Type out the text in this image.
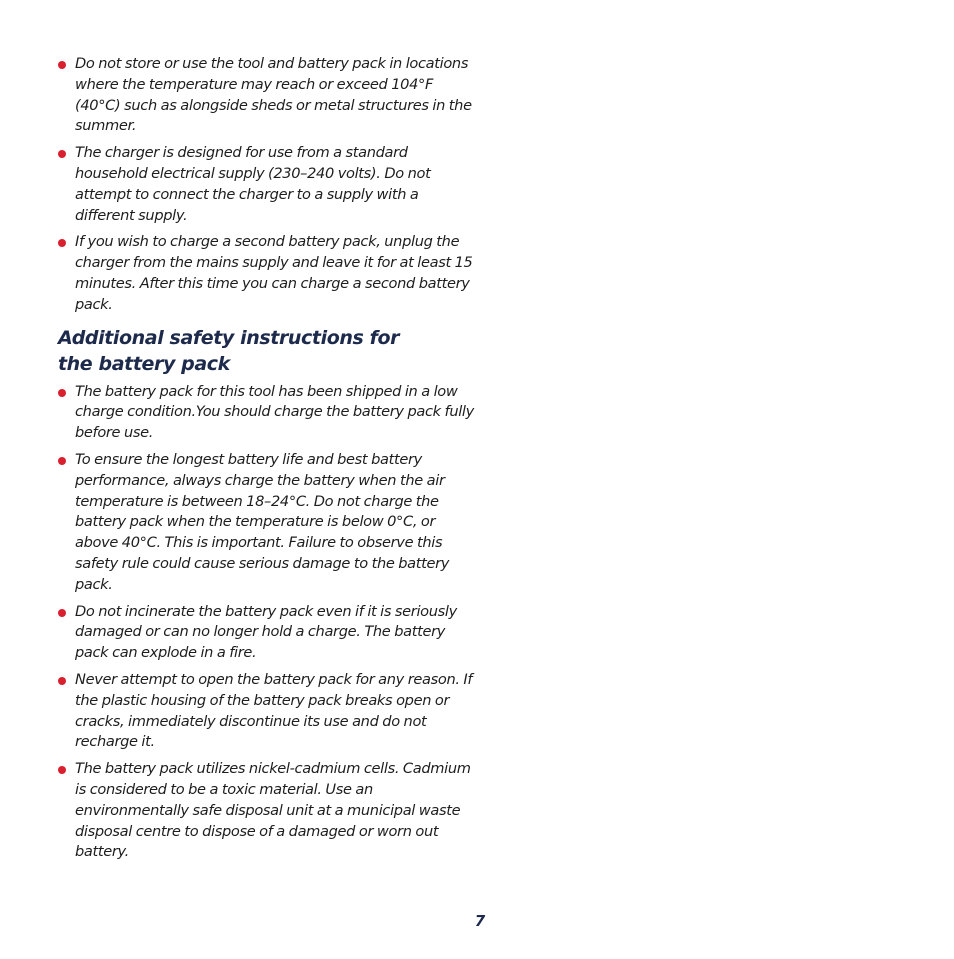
Do not store or use the tool and battery pack in locations where the temperature may reach or exceed 104°F (40°C) such as alongside sheds or metal structures in the summer.
The charger is designed for use from a standard household electrical supply (230–240 volts). Do not attempt to connect the charger to a supply with a different supply.
If you wish to charge a second battery pack, unplug the charger from the mains supply and leave it for at least 15 minutes. After this time you can charge a second battery pack.
Additional safety instructions for the battery pack
The battery pack for this tool has been shipped in a low charge condition.You should charge the battery pack fully before use.
To ensure the longest battery life and best battery performance, always charge the battery when the air temperature is between 18–24°C. Do not charge the battery pack when the temperature is below 0°C, or above 40°C. This is important. Failure to observe this safety rule could cause serious damage to the battery pack.
Do not incinerate the battery pack even if it is seriously damaged or can no longer hold a charge. The battery pack can explode in a fire.
Never attempt to open the battery pack for any reason. If the plastic housing of the battery pack breaks open or cracks, immediately discontinue its use and do not recharge it.
The battery pack utilizes nickel-cadmium cells. Cadmium is considered to be a toxic material. Use an environmentally safe disposal unit at a municipal waste disposal centre to dispose of a damaged or worn out battery.
7
